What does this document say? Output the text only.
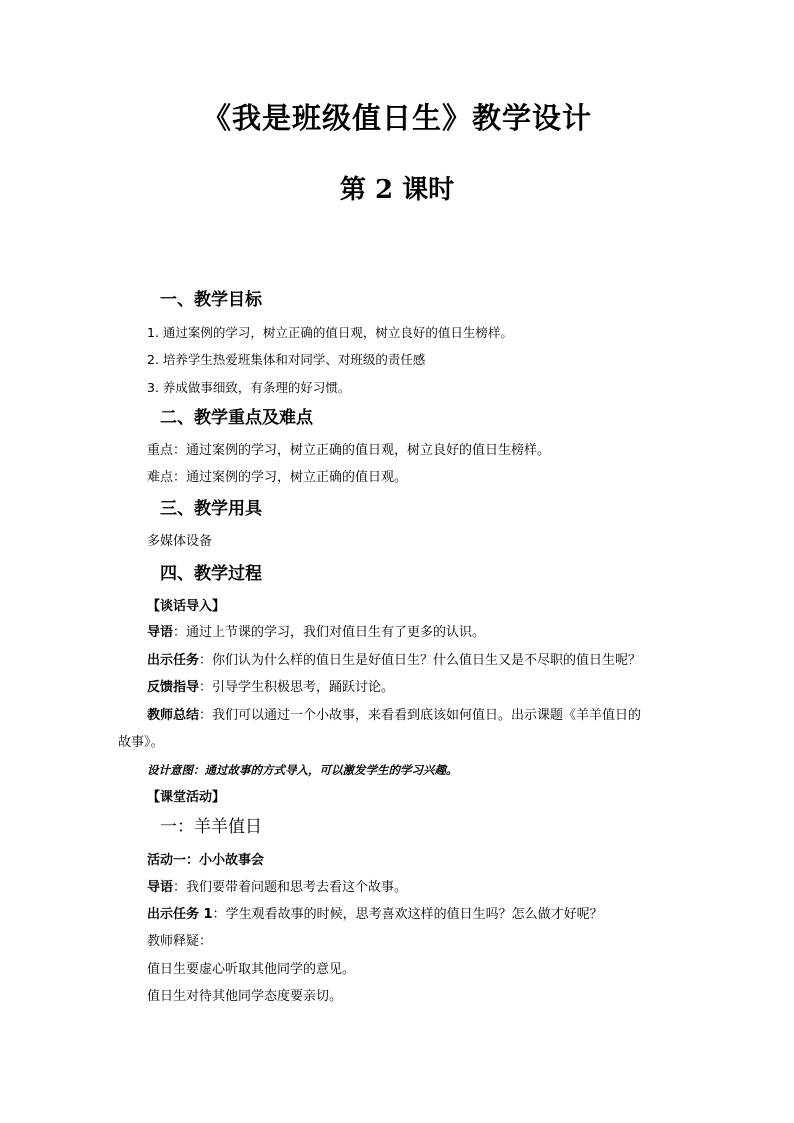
《我是班级值日生》教学设计
第 2 课时
一、教学目标
1. 通过案例的学习，树立正确的值日观，树立良好的值日生榜样。
2. 培养学生热爱班集体和对同学、对班级的责任感
3. 养成做事细致，有条理的好习惯。
二、教学重点及难点
重点：通过案例的学习，树立正确的值日观，树立良好的值日生榜样。
难点：通过案例的学习，树立正确的值日观。
三、教学用具
多媒体设备
四、教学过程
【谈话导入】
导语：通过上节课的学习，我们对值日生有了更多的认识。
出示任务：你们认为什么样的值日生是好值日生？什么值日生又是不尽职的值日生呢？
反馈指导：引导学生积极思考，踊跃讨论。
教师总结：我们可以通过一个小故事，来看看到底该如何值日。出示课题《羊羊值日的
故事》。
设计意图：通过故事的方式导入，可以激发学生的学习兴趣。
【课堂活动】
一：羊羊值日
活动一：小小故事会
导语：我们要带着问题和思考去看这个故事。
出示任务 1：学生观看故事的时候，思考喜欢这样的值日生吗？怎么做才好呢？
教师释疑：
值日生要虚心听取其他同学的意见。
值日生对待其他同学态度要亲切。
